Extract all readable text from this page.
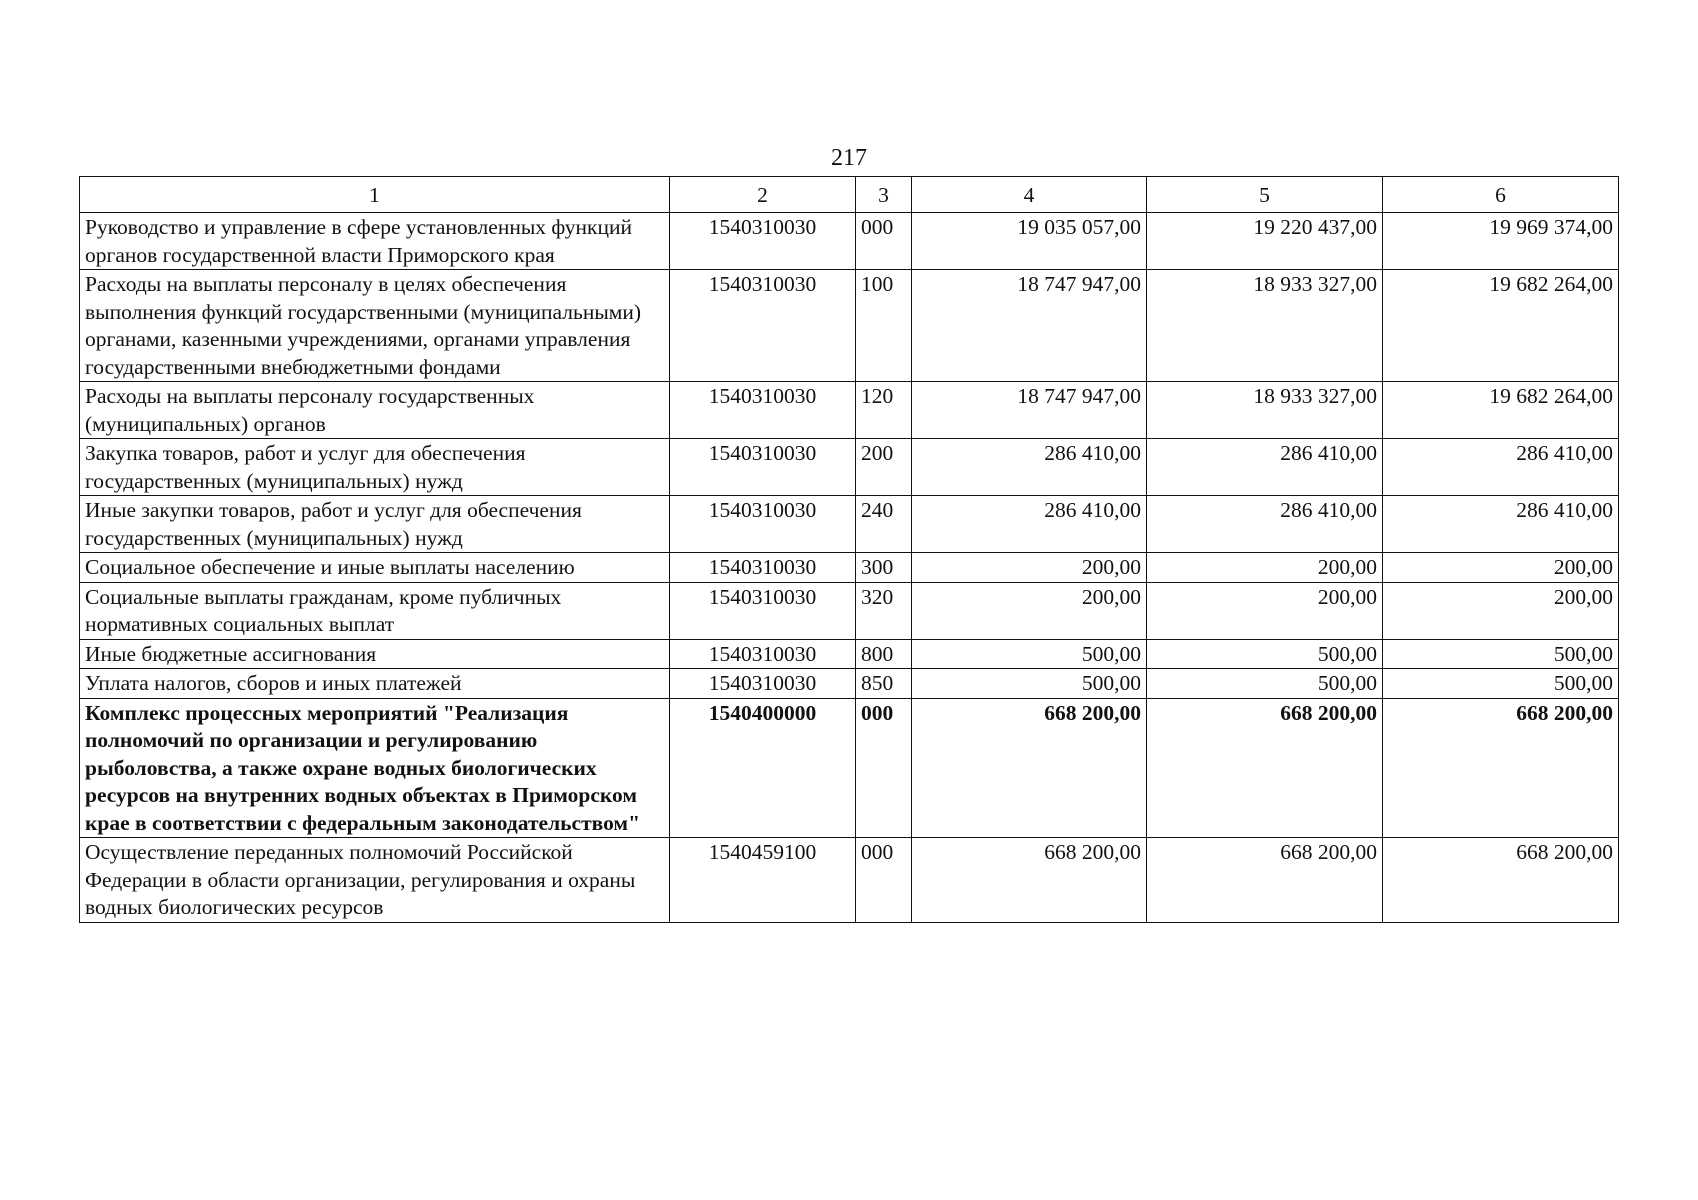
217
1	2	3	4	5	6
Руководство и управление в сфере установленных функций органов государственной власти Приморского края	1540310030	000	19 035 057,00	19 220 437,00	19 969 374,00
Расходы на выплаты персоналу в целях обеспечения выполнения функций государственными (муниципальными) органами, казенными учреждениями, органами управления государственными внебюджетными фондами	1540310030	100	18 747 947,00	18 933 327,00	19 682 264,00
Расходы на выплаты персоналу государственных (муниципальных) органов	1540310030	120	18 747 947,00	18 933 327,00	19 682 264,00
Закупка товаров, работ и услуг для обеспечения государственных (муниципальных) нужд	1540310030	200	286 410,00	286 410,00	286 410,00
Иные закупки товаров, работ и услуг для обеспечения государственных (муниципальных) нужд	1540310030	240	286 410,00	286 410,00	286 410,00
Социальное обеспечение и иные выплаты населению	1540310030	300	200,00	200,00	200,00
Социальные выплаты гражданам, кроме публичных нормативных социальных выплат	1540310030	320	200,00	200,00	200,00
Иные бюджетные ассигнования	1540310030	800	500,00	500,00	500,00
Уплата налогов, сборов и иных платежей	1540310030	850	500,00	500,00	500,00
Комплекс процессных мероприятий "Реализация полномочий по организации и регулированию рыболовства, а также охране водных биологических ресурсов на внутренних водных объектах в Приморском крае в соответствии с федеральным законодательством"	1540400000	000	668 200,00	668 200,00	668 200,00
Осуществление переданных полномочий Российской Федерации в области организации, регулирования и охраны водных биологических ресурсов	1540459100	000	668 200,00	668 200,00	668 200,00
